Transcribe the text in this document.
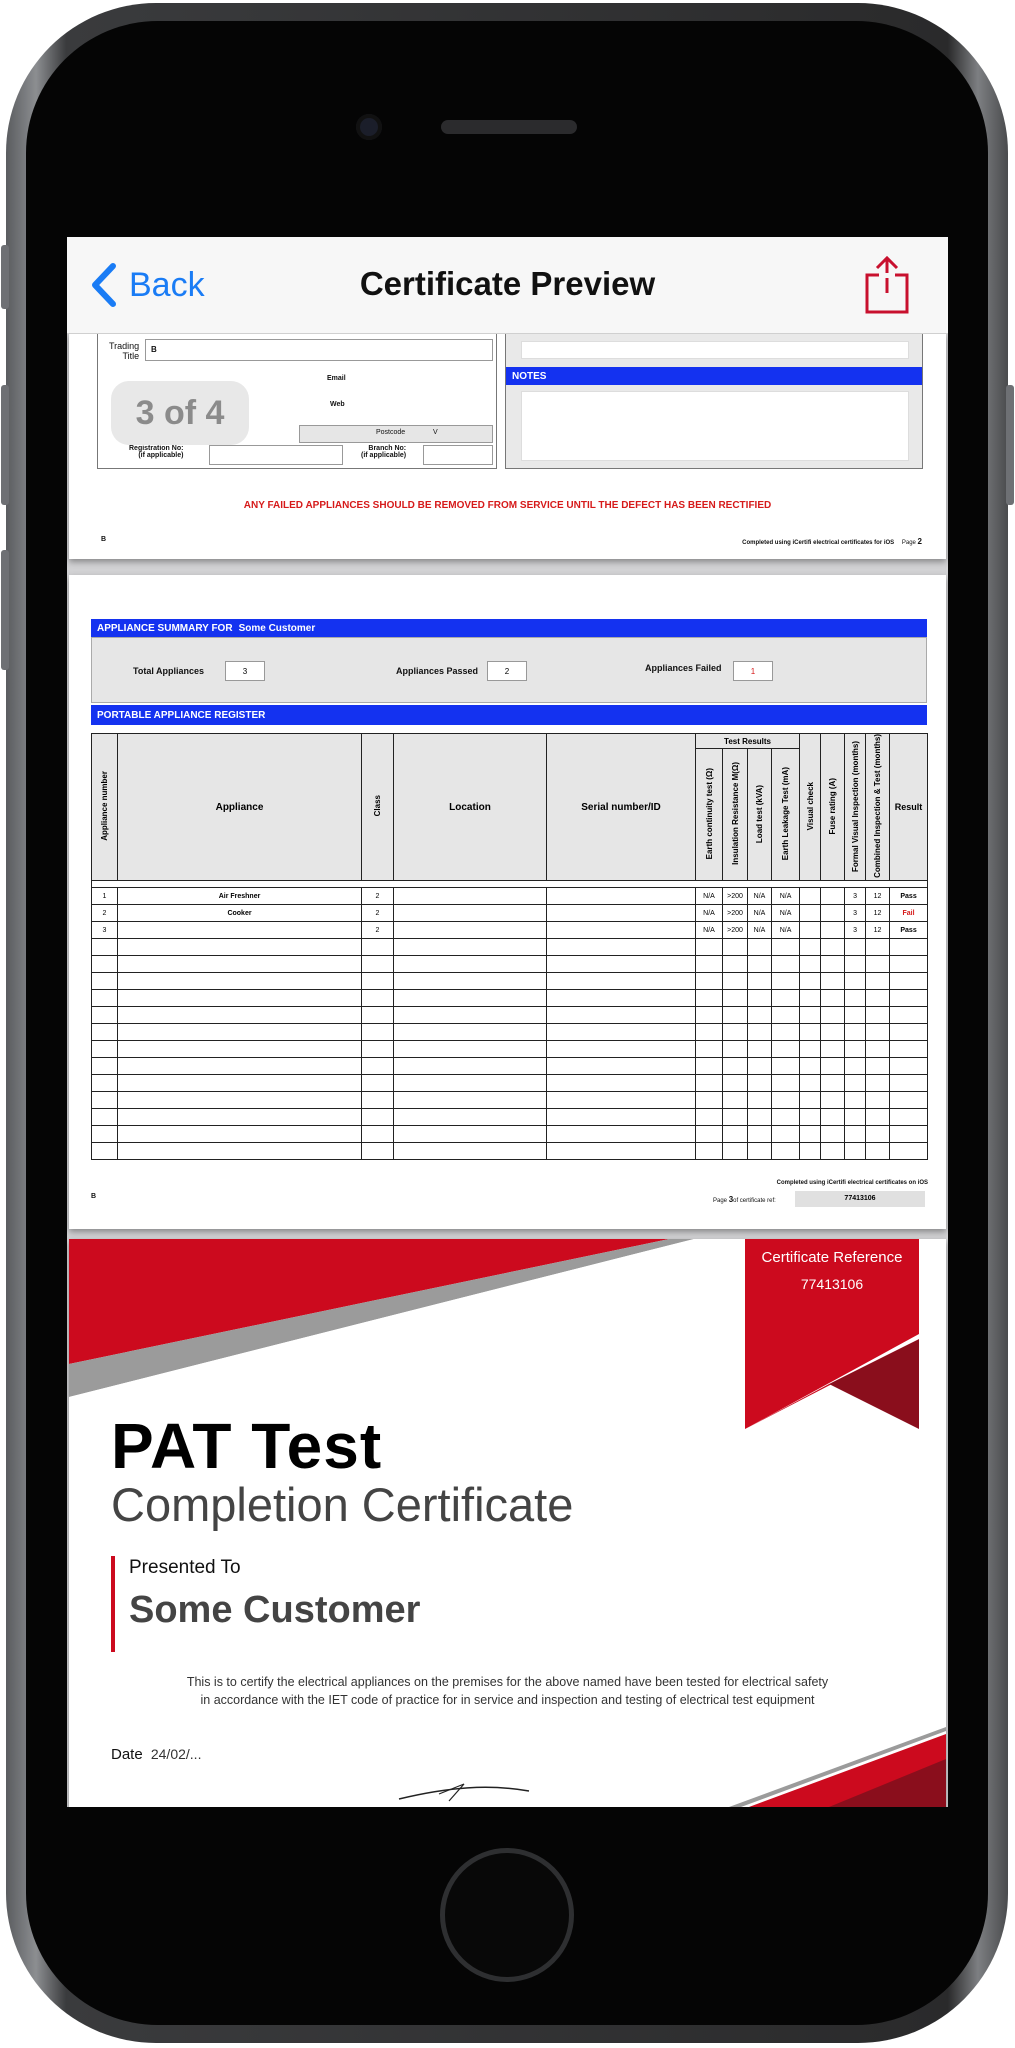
Back	Certificate Preview
Trading
Title
B
Email
Web
Postcode	V
Registration No:
(if applicable)
Branch No:
(if applicable)
NOTES
ANY FAILED APPLIANCES SHOULD BE REMOVED FROM SERVICE UNTIL THE DEFECT HAS BEEN RECTIFIED
B	Completed using iCertifi electrical certificates for iOS Page 2
3 of 4
APPLIANCE SUMMARY FOR Some Customer
Total Appliances	3	Appliances Passed	2	Appliances Failed	1
PORTABLE APPLIANCE REGISTER
Appliance number	Appliance	Class	Location	Serial number/ID	Test Results				Visual check	Fuse rating (A)	Formal Visual Inspection (months)	Combined Inspection & Test (months)	Result
					Earth continuity test (Ω)	Insulation Resistance M(Ω)	Load test (kVA)	Earth Leakage Test (mA)					

1	Air Freshner	2			N/A	>200	N/A	N/A			3	12	Pass
2	Cooker	2			N/A	>200	N/A	N/A			3	12	Fail
3		2			N/A	>200	N/A	N/A			3	12	Pass

B
Completed using iCertifi electrical certificates on iOS
Page 3of certificate ref:	77413106
Certificate Reference
77413106
PAT Test
Completion Certificate
Presented To
Some Customer
This is to certify the electrical appliances on the premises for the above named have been tested for electrical safety
in accordance with the IET code of practice for in service and inspection and testing of electrical test equipment
Date 24/02/...
